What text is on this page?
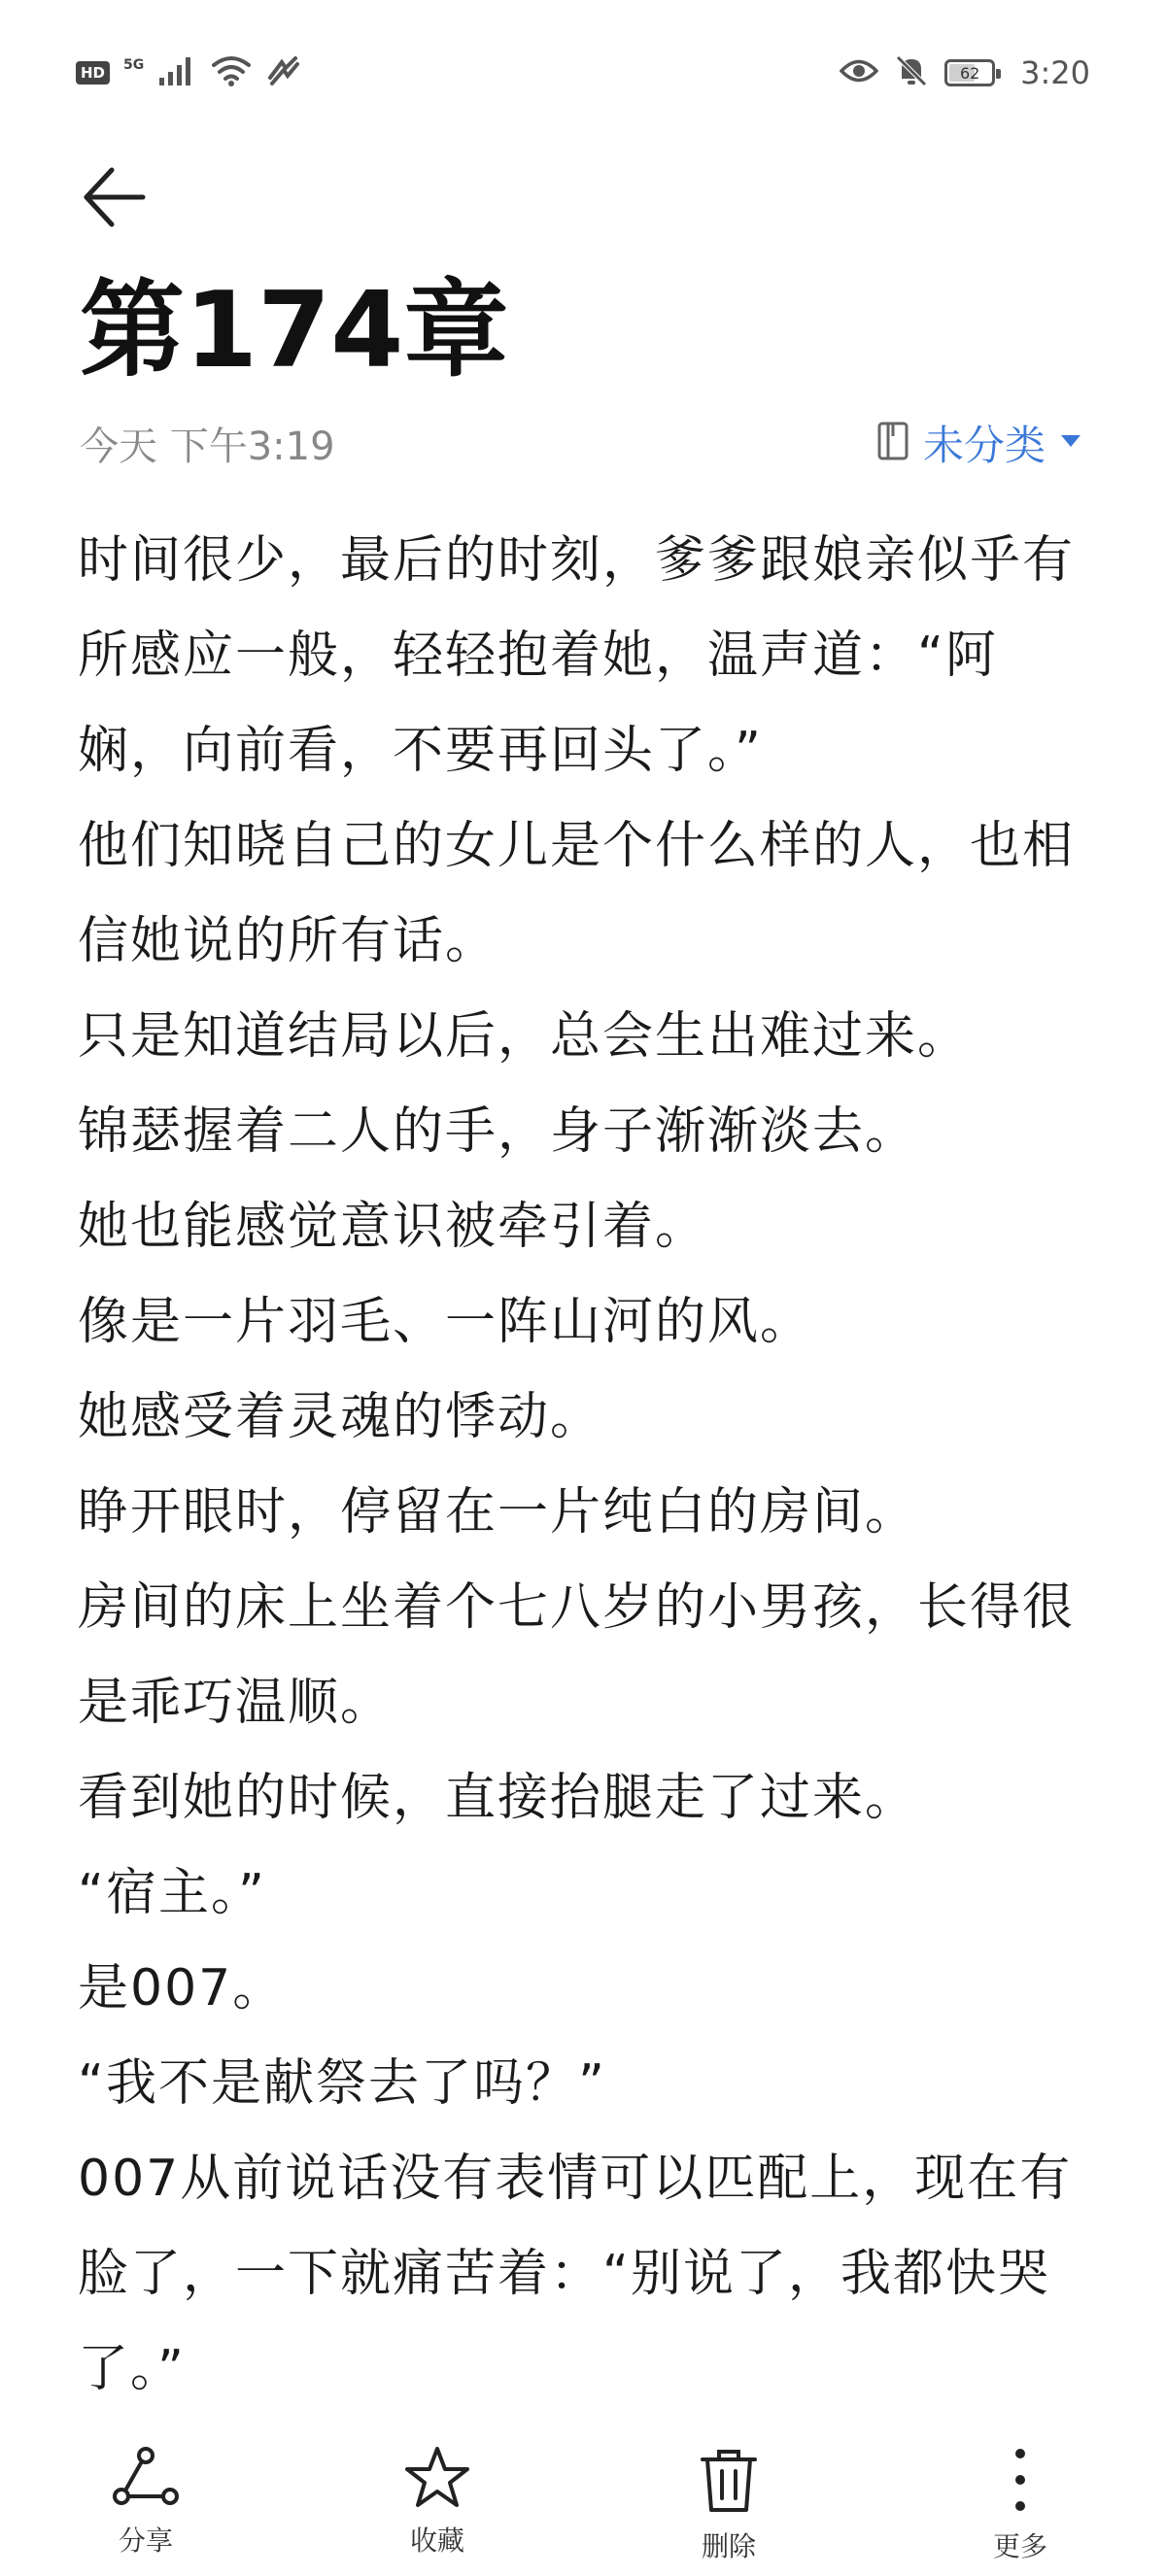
HD	5G	62 3:20
第174章
今天 下午3:19	未分类

时间很少，最后的时刻，爹爹跟娘亲似乎有所感应一般，轻轻抱着她，温声道：“阿娴，向前看，不要再回头了。”

他们知晓自己的女儿是个什么样的人，也相信她说的所有话。

只是知道结局以后，总会生出难过来。

锦瑟握着二人的手，身子渐渐淡去。

她也能感觉意识被牵引着。

像是一片羽毛、一阵山河的风。

她感受着灵魂的悸动。

睁开眼时，停留在一片纯白的房间。

房间的床上坐着个七八岁的小男孩，长得很是乖巧温顺。

看到她的时候，直接抬腿走了过来。

“宿主。”

是007。

“我不是献祭去了吗？”

007从前说话没有表情可以匹配上，现在有脸了，一下就痛苦着：“别说了，我都快哭了。”

分享	收藏	删除	更多
